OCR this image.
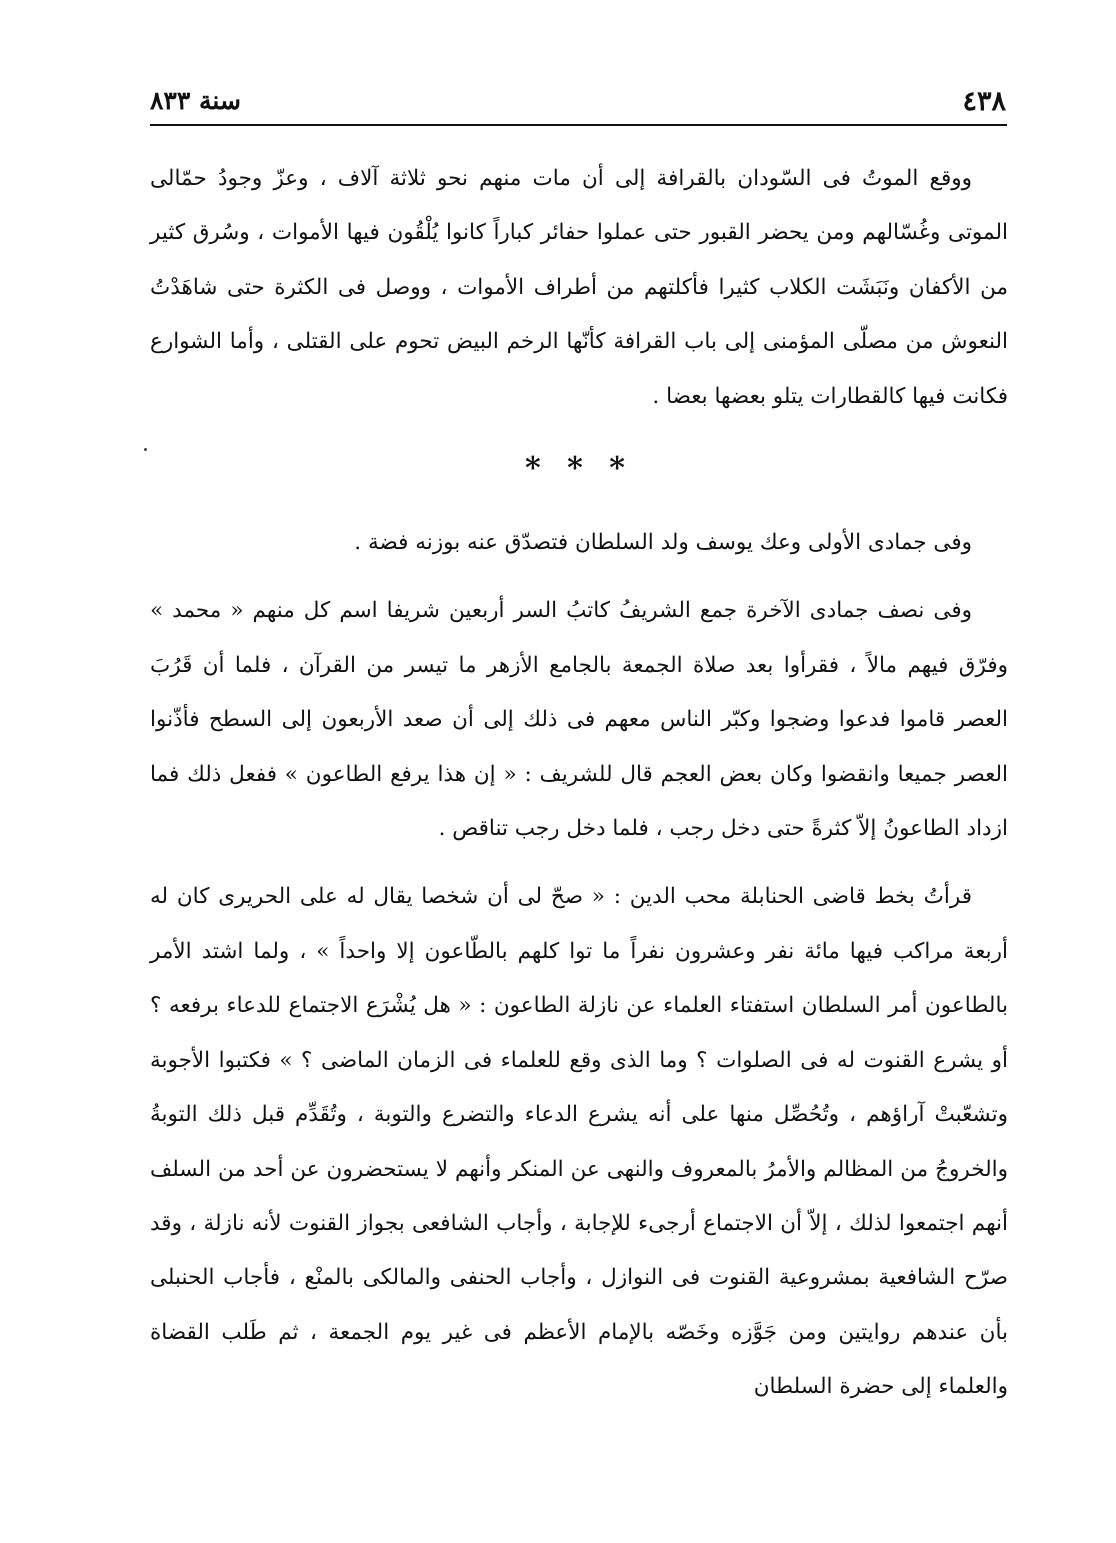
٤٣٨
سنة ٨٣٣

ووقع الموتُ فى السّودان بالقرافة إلى أن مات منهم نحو ثلاثة آلاف ، وعزّ وجودُ حمّالى الموتى وغُسّالهم ومن يحضر القبور حتى عملوا حفائر كباراً كانوا يُلْقُون فيها الأموات ، وسُرق كثير من الأكفان ونَبَشَت الكلاب كثيرا فأكلتهم من أطراف الأموات ، ووصل فى الكثرة حتى شاهَدْتُ النعوش من مصلّى المؤمنى إلى باب القرافة كأنّها الرخم البيض تحوم على القتلى ، وأما الشوارع فكانت فيها كالقطارات يتلو بعضها بعضا .

* * *

وفى جمادى الأولى وعك يوسف ولد السلطان فتصدّق عنه بوزنه فضة .

وفى نصف جمادى الآخرة جمع الشريفُ كاتبُ السر أربعين شريفا اسم كل منهم « محمد » وفرّق فيهم مالاً ، فقرأوا بعد صلاة الجمعة بالجامع الأزهر ما تيسر من القرآن ، فلما أن قَرُبَ العصر قاموا فدعوا وضجوا وكبّر الناس معهم فى ذلك إلى أن صعد الأربعون إلى السطح فأذّنوا العصر جميعا وانقضوا وكان بعض العجم قال للشريف : « إن هذا يرفع الطاعون » ففعل ذلك فما ازداد الطاعونُ إلاّ كثرةً حتى دخل رجب ، فلما دخل رجب تناقص .

قرأتُ بخط قاضى الحنابلة محب الدين : « صحّ لى أن شخصا يقال له على الحريرى كان له أربعة مراكب فيها مائة نفر وعشرون نفراً ما توا كلهم بالطّاعون إلا واحداً » ، ولما اشتد الأمر بالطاعون أمر السلطان استفتاء العلماء عن نازلة الطاعون : « هل يُشْرَع الاجتماع للدعاء برفعه ؟ أو يشرع القنوت له فى الصلوات ؟ وما الذى وقع للعلماء فى الزمان الماضى ؟ » فكتبوا الأجوبة وتشعّبتْ آراؤهم ، وتُحُصِّل منها على أنه يشرع الدعاء والتضرع والتوبة ، وتُقَدِّم قبل ذلك التوبةُ والخروجُ من المظالم والأمرُ بالمعروف والنهى عن المنكر وأنهم لا يستحضرون عن أحد من السلف أنهم اجتمعوا لذلك ، إلاّ أن الاجتماع أرجىء للإجابة ، وأجاب الشافعى بجواز القنوت لأنه نازلة ، وقد صرّح الشافعية بمشروعية القنوت فى النوازل ، وأجاب الحنفى والمالكى بالمنْع ، فأجاب الحنبلى بأن عندهم روايتين ومن جَوَّزه وخَصّه بالإمام الأعظم فى غير يوم الجمعة ، ثم طَلب القضاة والعلماء إلى حضرة السلطان
